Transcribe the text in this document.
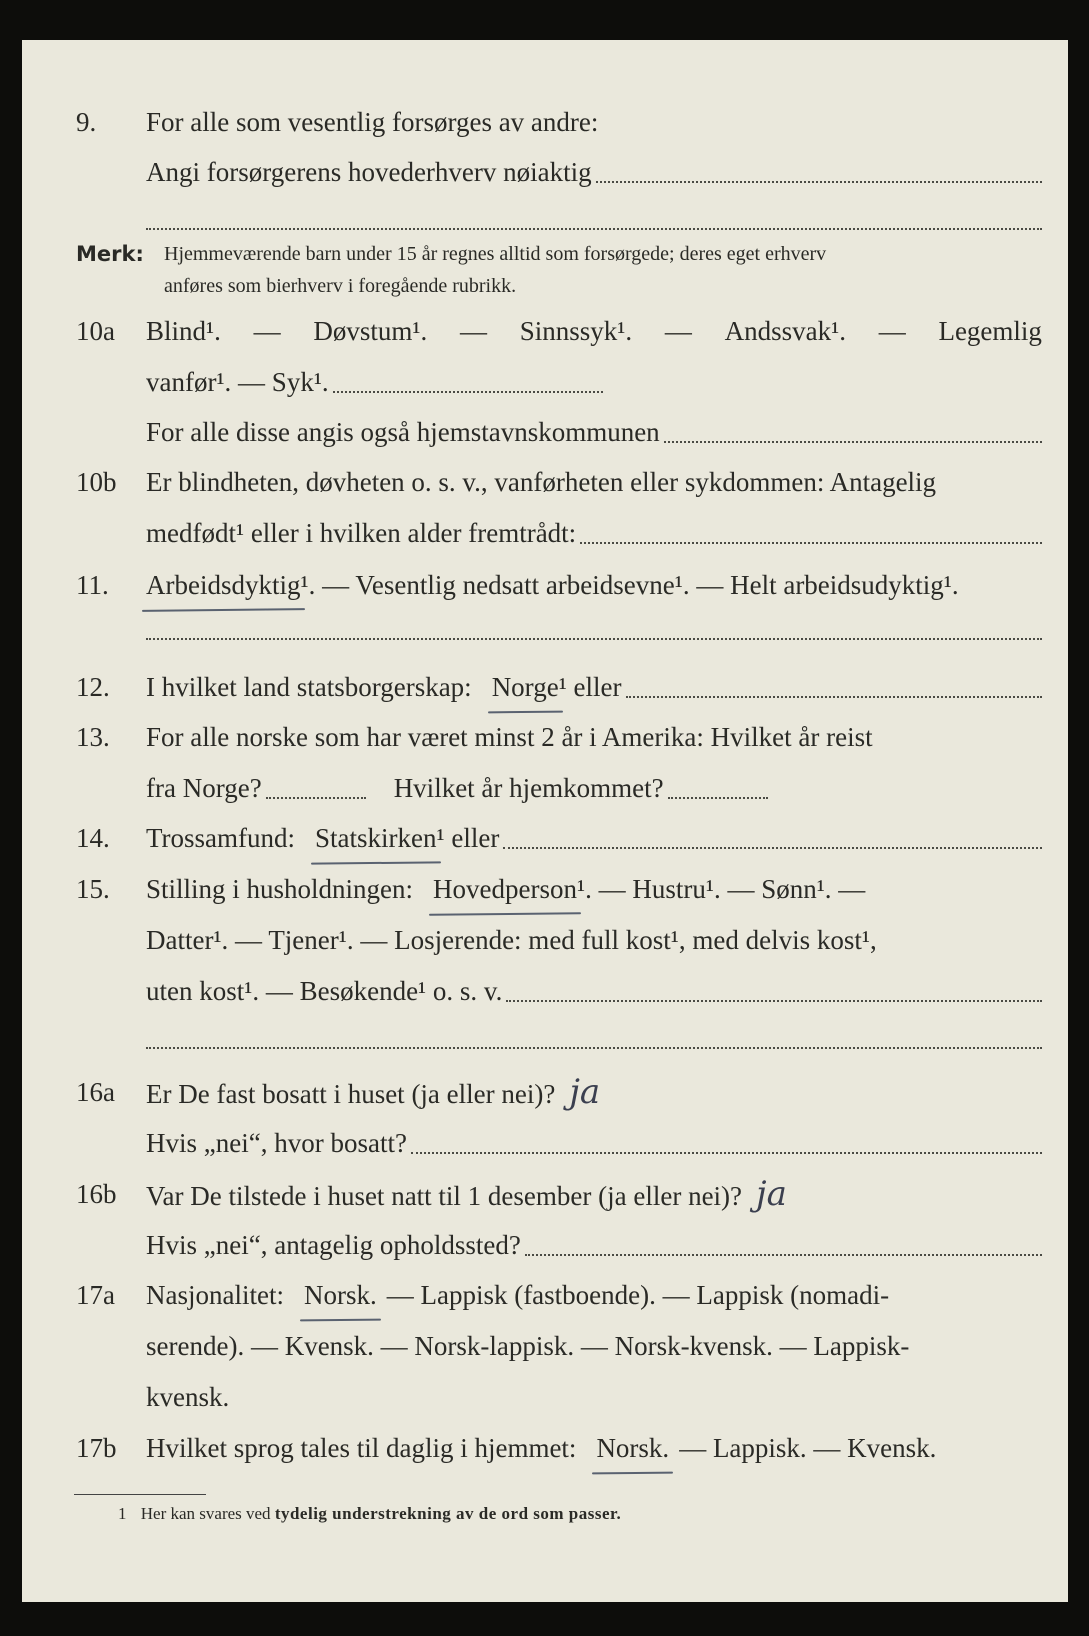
9.	For alle som vesentlig forsørges av andre:
Angi forsørgerens hovederhverv nøiaktig
Merk: Hjemmeværende barn under 15 år regnes alltid som forsørgede; deres eget erhverv
anføres som bierhverv i foregående rubrikk.
10a	Blind¹. — Døvstum¹. — Sinnssyk¹. — Andssvak¹. — Legemlig
vanfør¹. — Syk¹.
For alle disse angis også hjemstavnskommunen
10b	Er blindheten, døvheten o. s. v., vanførheten eller sykdommen: Antagelig
medfødt¹ eller i hvilken alder fremtrådt:
11.	Arbeidsdyktig ¹. — Vesentlig nedsatt arbeidsevne¹. — Helt arbeidsudyktig¹.
12.	I hvilket land statsborgerskap: Norge ¹ eller
13.	For alle norske som har været minst 2 år i Amerika: Hvilket år reist
fra Norge?	Hvilket år hjemkommet?
14.	Trossamfund: Statskirken ¹ eller
15.	Stilling i husholdningen: Hovedperson ¹. — Hustru¹. — Sønn¹. —
Datter¹. — Tjener¹. — Losjerende: med full kost¹, med delvis kost¹,
uten kost¹. — Besøkende¹ o. s. v.
16a	Er De fast bosatt i huset (ja eller nei)? ja
Hvis „nei“, hvor bosatt?
16b	Var De tilstede i huset natt til 1 desember (ja eller nei)? ja
Hvis „nei“, antagelig opholdssted?
17a	Nasjonalitet: Norsk. — Lappisk (fastboende). — Lappisk (nomadi-
serende). — Kvensk. — Norsk-lappisk. — Norsk-kvensk. — Lappisk-
kvensk.
17b	Hvilket sprog tales til daglig i hjemmet: Norsk. — Lappisk. — Kvensk.
1 Her kan svares ved tydelig understrekning av de ord som passer.
